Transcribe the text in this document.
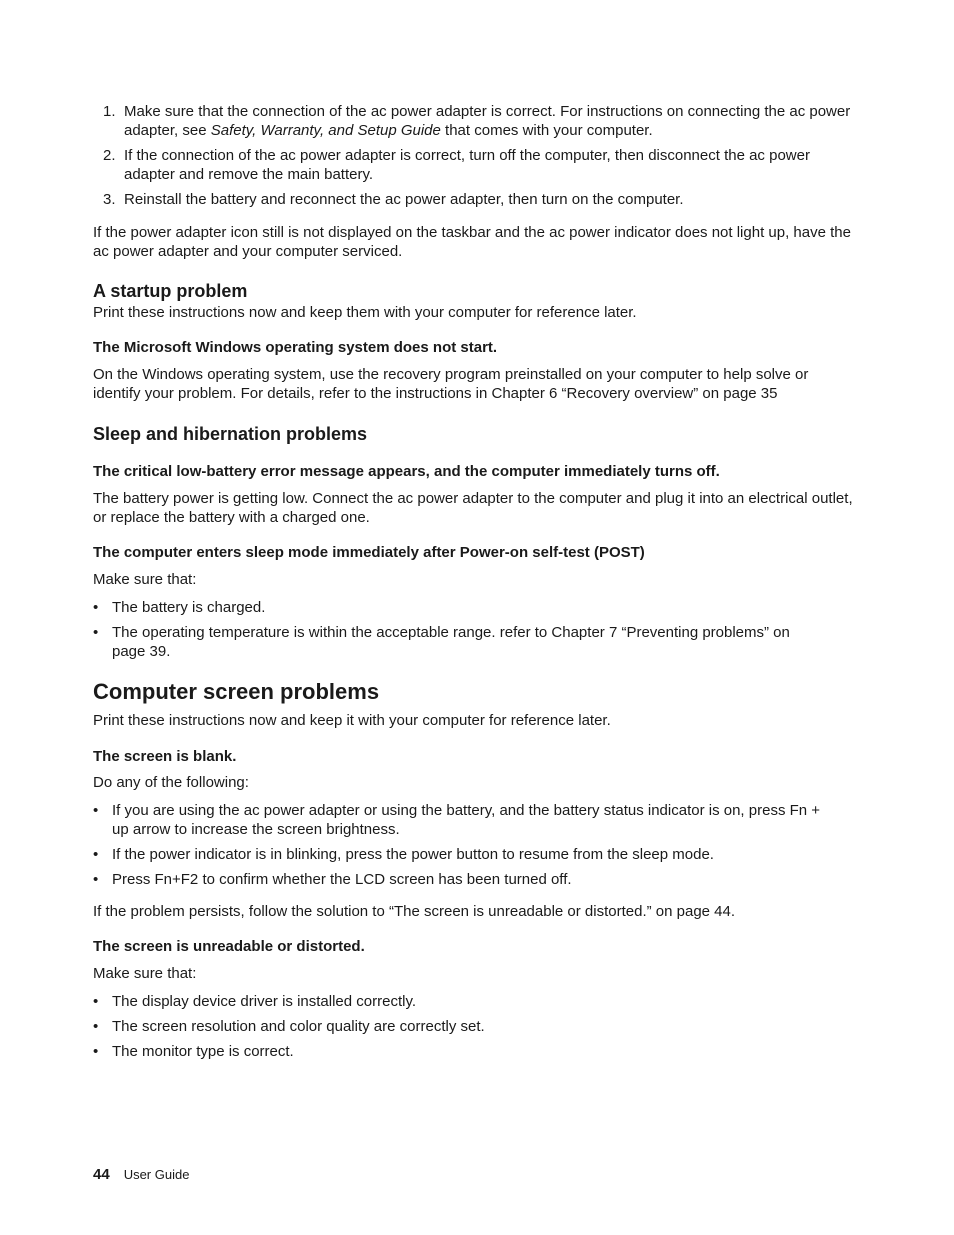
1. Make sure that the connection of the ac power adapter is correct. For instructions on connecting the ac power adapter, see Safety, Warranty, and Setup Guide that comes with your computer.
2. If the connection of the ac power adapter is correct, turn off the computer, then disconnect the ac power adapter and remove the main battery.
3. Reinstall the battery and reconnect the ac power adapter, then turn on the computer.

If the power adapter icon still is not displayed on the taskbar and the ac power indicator does not light up, have the ac power adapter and your computer serviced.

A startup problem

Print these instructions now and keep them with your computer for reference later.

The Microsoft Windows operating system does not start.

On the Windows operating system, use the recovery program preinstalled on your computer to help solve or identify your problem. For details, refer to the instructions in Chapter 6 “Recovery overview” on page 35

Sleep and hibernation problems

The critical low-battery error message appears, and the computer immediately turns off.

The battery power is getting low. Connect the ac power adapter to the computer and plug it into an electrical outlet, or replace the battery with a charged one.

The computer enters sleep mode immediately after Power-on self-test (POST)

Make sure that:

• The battery is charged.
• The operating temperature is within the acceptable range. refer to Chapter 7 “Preventing problems” on page 39.
Computer screen problems

Print these instructions now and keep it with your computer for reference later.

The screen is blank.

Do any of the following:

• If you are using the ac power adapter or using the battery, and the battery status indicator is on, press Fn + up arrow to increase the screen brightness.
• If the power indicator is in blinking, press the power button to resume from the sleep mode.
• Press Fn+F2 to confirm whether the LCD screen has been turned off.

If the problem persists, follow the solution to “The screen is unreadable or distorted.” on page 44.

The screen is unreadable or distorted.

Make sure that:

• The display device driver is installed correctly.
• The screen resolution and color quality are correctly set.
• The monitor type is correct.
44 User Guide
